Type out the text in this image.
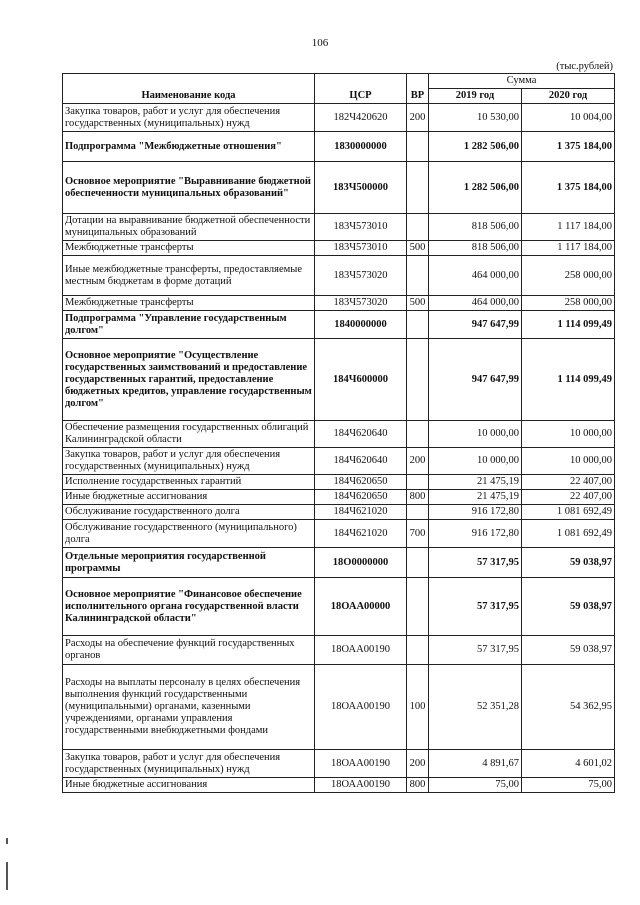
106
(тыс.рублей)
Наименование кода	ЦСР	ВР	Сумма	
			2019 год	2020 год
Закупка товаров, работ и услуг для обеспечения государственных (муниципальных) нужд	182Ч420620	200	10 530,00	10 004,00
Подпрограмма "Межбюджетные отношения"	1830000000		1 282 506,00	1 375 184,00
Основное мероприятие "Выравнивание бюджетной обеспеченности муниципальных образований"	183Ч500000		1 282 506,00	1 375 184,00
Дотации на выравнивание бюджетной обеспеченности муниципальных образований	183Ч573010		818 506,00	1 117 184,00
Межбюджетные трансферты	183Ч573010	500	818 506,00	1 117 184,00
Иные межбюджетные трансферты, предоставляемые местным бюджетам в форме дотаций	183Ч573020		464 000,00	258 000,00
Межбюджетные трансферты	183Ч573020	500	464 000,00	258 000,00
Подпрограмма "Управление государственным долгом"	1840000000		947 647,99	1 114 099,49
Основное мероприятие "Осуществление государственных заимствований и предоставление государственных гарантий, предоставление бюджетных кредитов, управление государственным долгом"	184Ч600000		947 647,99	1 114 099,49
Обеспечение размещения государственных облигаций Калининградской области	184Ч620640		10 000,00	10 000,00
Закупка товаров, работ и услуг для обеспечения государственных (муниципальных) нужд	184Ч620640	200	10 000,00	10 000,00
Исполнение государственных гарантий	184Ч620650		21 475,19	22 407,00
Иные бюджетные ассигнования	184Ч620650	800	21 475,19	22 407,00
Обслуживание государственного долга	184Ч621020		916 172,80	1 081 692,49
Обслуживание государственного (муниципального) долга	184Ч621020	700	916 172,80	1 081 692,49
Отдельные мероприятия государственной программы	18О0000000		57 317,95	59 038,97
Основное мероприятие "Финансовое обеспечение исполнительного органа государственной власти Калининградской области"	18ОАА00000		57 317,95	59 038,97
Расходы на обеспечение функций государственных органов	18ОАА00190		57 317,95	59 038,97
Расходы на выплаты персоналу в целях обеспечения выполнения функций государственными (муниципальными) органами, казенными учреждениями, органами управления государственными внебюджетными фондами	18ОАА00190	100	52 351,28	54 362,95
Закупка товаров, работ и услуг для обеспечения государственных (муниципальных) нужд	18ОАА00190	200	4 891,67	4 601,02
Иные бюджетные ассигнования	18ОАА00190	800	75,00	75,00
